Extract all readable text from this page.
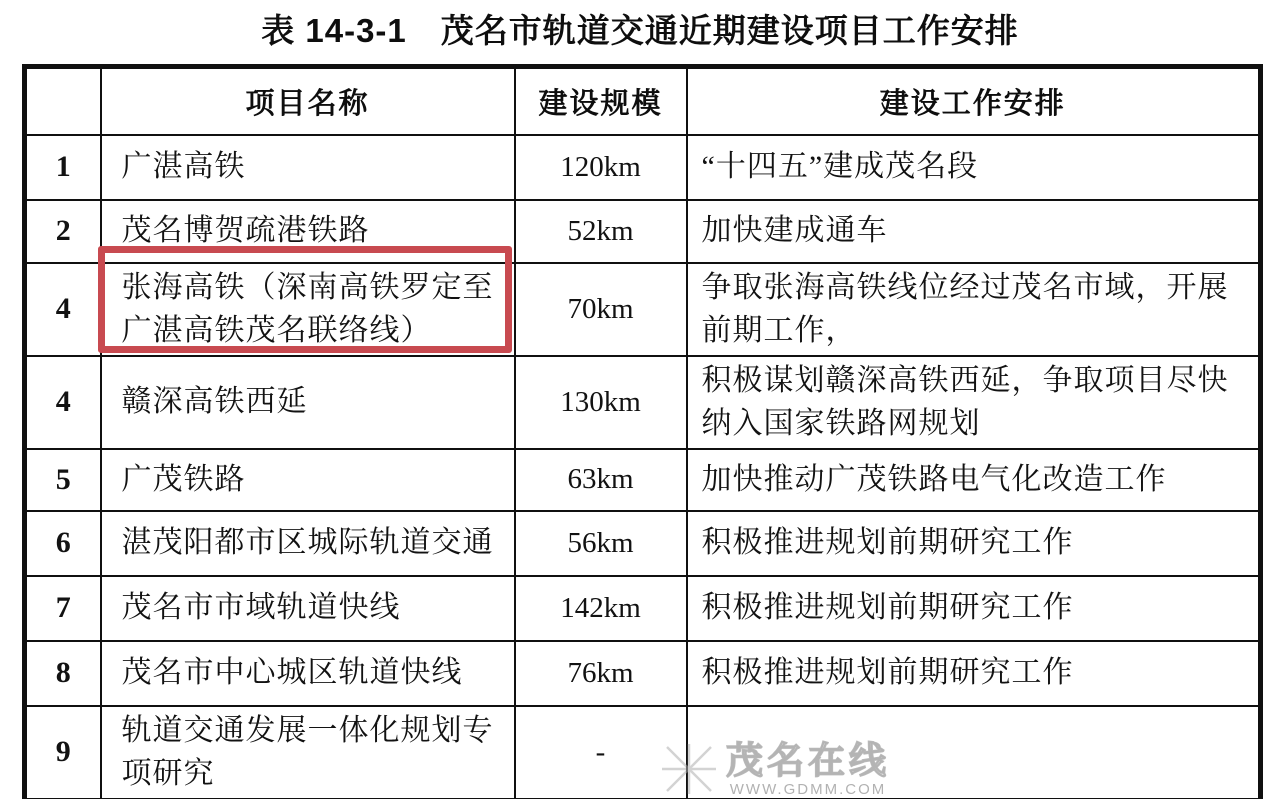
表 14-3-1　茂名市轨道交通近期建设项目工作安排
	项目名称	建设规模	建设工作安排
1	广湛高铁	120km	“十四五”建成茂名段
2	茂名博贺疏港铁路	52km	加快建成通车
4	张海高铁（深南高铁罗定至广湛高铁茂名联络线）	70km	争取张海高铁线位经过茂名市域，开展前期工作，
4	赣深高铁西延	130km	积极谋划赣深高铁西延，争取项目尽快纳入国家铁路网规划
5	广茂铁路	63km	加快推动广茂铁路电气化改造工作
6	湛茂阳都市区城际轨道交通	56km	积极推进规划前期研究工作
7	茂名市市域轨道快线	142km	积极推进规划前期研究工作
8	茂名市中心城区轨道快线	76km	积极推进规划前期研究工作
9	轨道交通发展一体化规划专项研究	-		茂名在线
WWW.GDMM.COM
